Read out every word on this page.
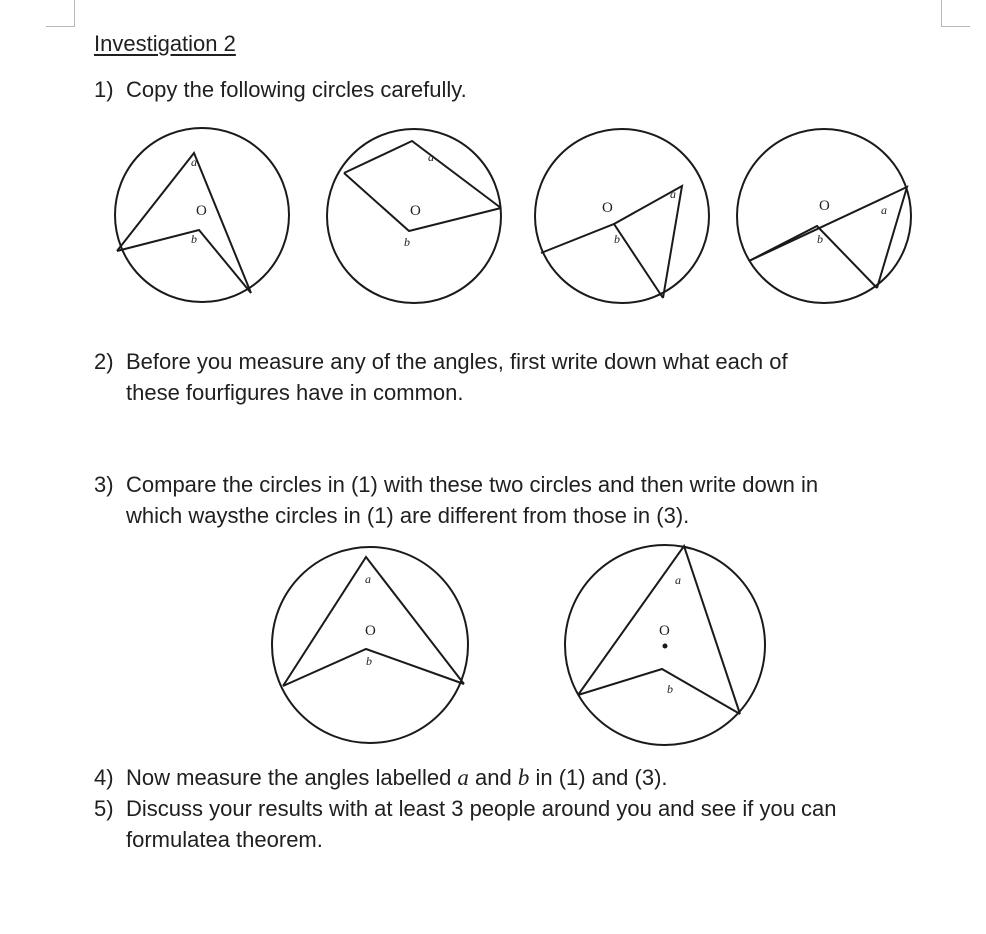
Investigation 2
1) Copy the following circles carefully.
a
O
b
a
O
b
a
O
b
a
O
b
2) Before you measure any of the angles, first write down what each of
these fourfigures have in common.
3) Compare the circles in (1) with these two circles and then write down in
which waysthe circles in (1) are different from those in (3).
a
O
b
a
O
b
4) Now measure the angles labelled a and b in (1) and (3).
5) Discuss your results with at least 3 people around you and see if you can
formulatea theorem.
